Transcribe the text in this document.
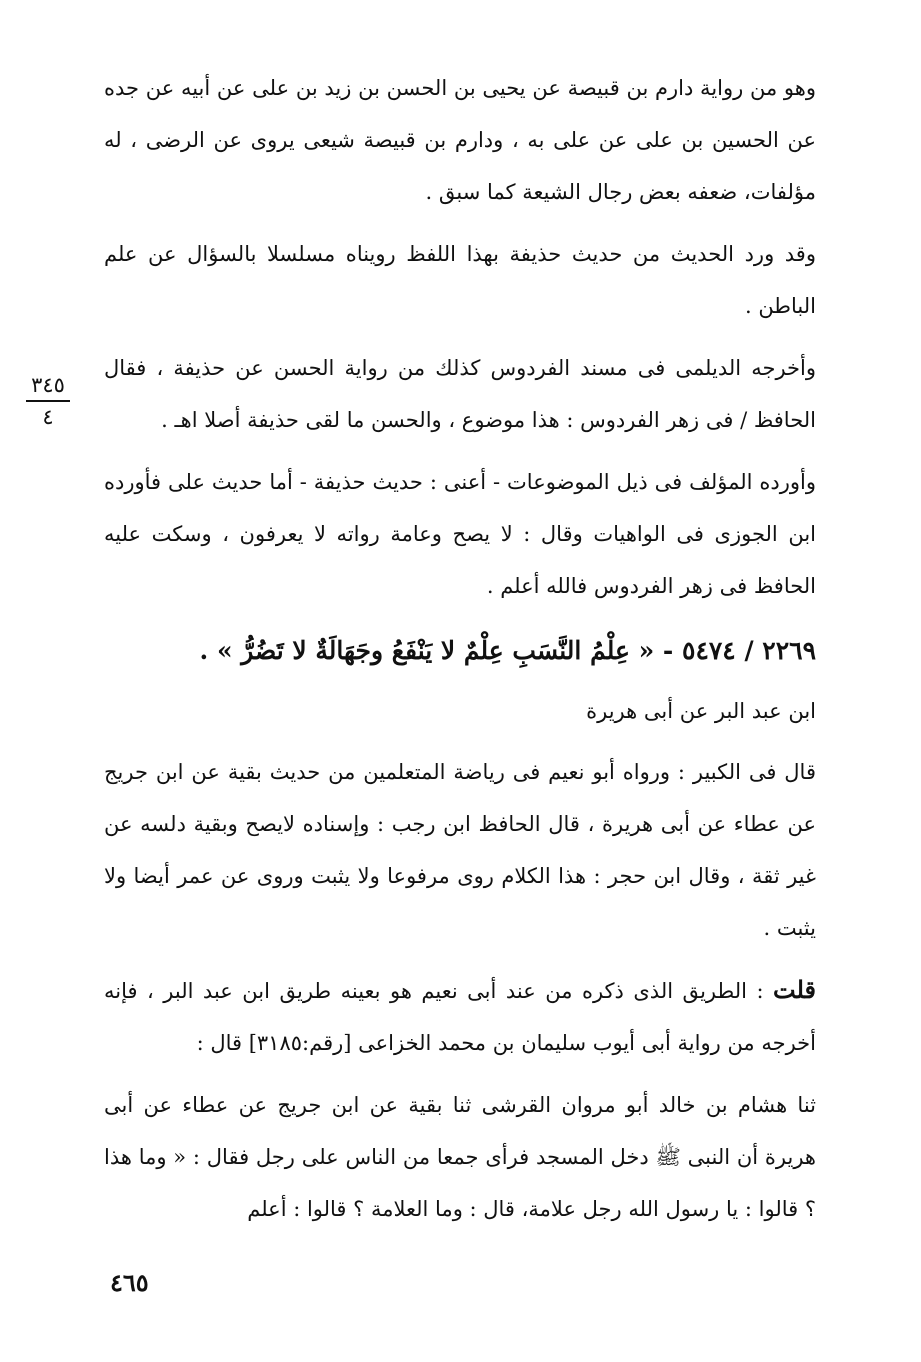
وهو من رواية دارم بن قبيصة عن يحيى بن الحسن بن زيد بن على عن أبيه عن جده عن الحسين بن على عن على به ، ودارم بن قبيصة شيعى يروى عن الرضى ، له مؤلفات، ضعفه بعض رجال الشيعة كما سبق .

وقد ورد الحديث من حديث حذيفة بهذا اللفظ رويناه مسلسلا بالسؤال عن علم الباطن .

وأخرجه الديلمى فى مسند الفردوس كذلك من رواية الحسن عن حذيفة ، فقال الحافظ / فى زهر الفردوس : هذا موضوع ، والحسن ما لقى حذيفة أصلا اهـ .

وأورده المؤلف فى ذيل الموضوعات - أعنى : حديث حذيفة - أما حديث على فأورده ابن الجوزى فى الواهيات وقال : لا يصح وعامة رواته لا يعرفون ، وسكت عليه الحافظ فى زهر الفردوس فالله أعلم .

٢٢٦٩ / ٥٤٧٤ - « عِلْمُ النَّسَبِ عِلْمٌ لا يَنْفَعُ وجَهَالَةٌ لا تَضُرُّ » .
ابن عبد البر عن أبى هريرة

قال فى الكبير : ورواه أبو نعيم فى رياضة المتعلمين من حديث بقية عن ابن جريج عن عطاء عن أبى هريرة ، قال الحافظ ابن رجب : وإسناده لايصح وبقية دلسه عن غير ثقة ، وقال ابن حجر : هذا الكلام روى مرفوعا ولا يثبت وروى عن عمر أيضا ولا يثبت .

قلت : الطريق الذى ذكره من عند أبى نعيم هو بعينه طريق ابن عبد البر ، فإنه أخرجه من رواية أبى أيوب سليمان بن محمد الخزاعى [رقم:٣١٨٥] قال :

ثنا هشام بن خالد أبو مروان القرشى ثنا بقية عن ابن جريج عن عطاء عن أبى هريرة أن النبى ﷺ دخل المسجد فرأى جمعا من الناس على رجل فقال : « وما هذا ؟ قالوا : يا رسول الله رجل علامة، قال : وما العلامة ؟ قالوا : أعلم

٣٤٥
٤
٤٦٥
